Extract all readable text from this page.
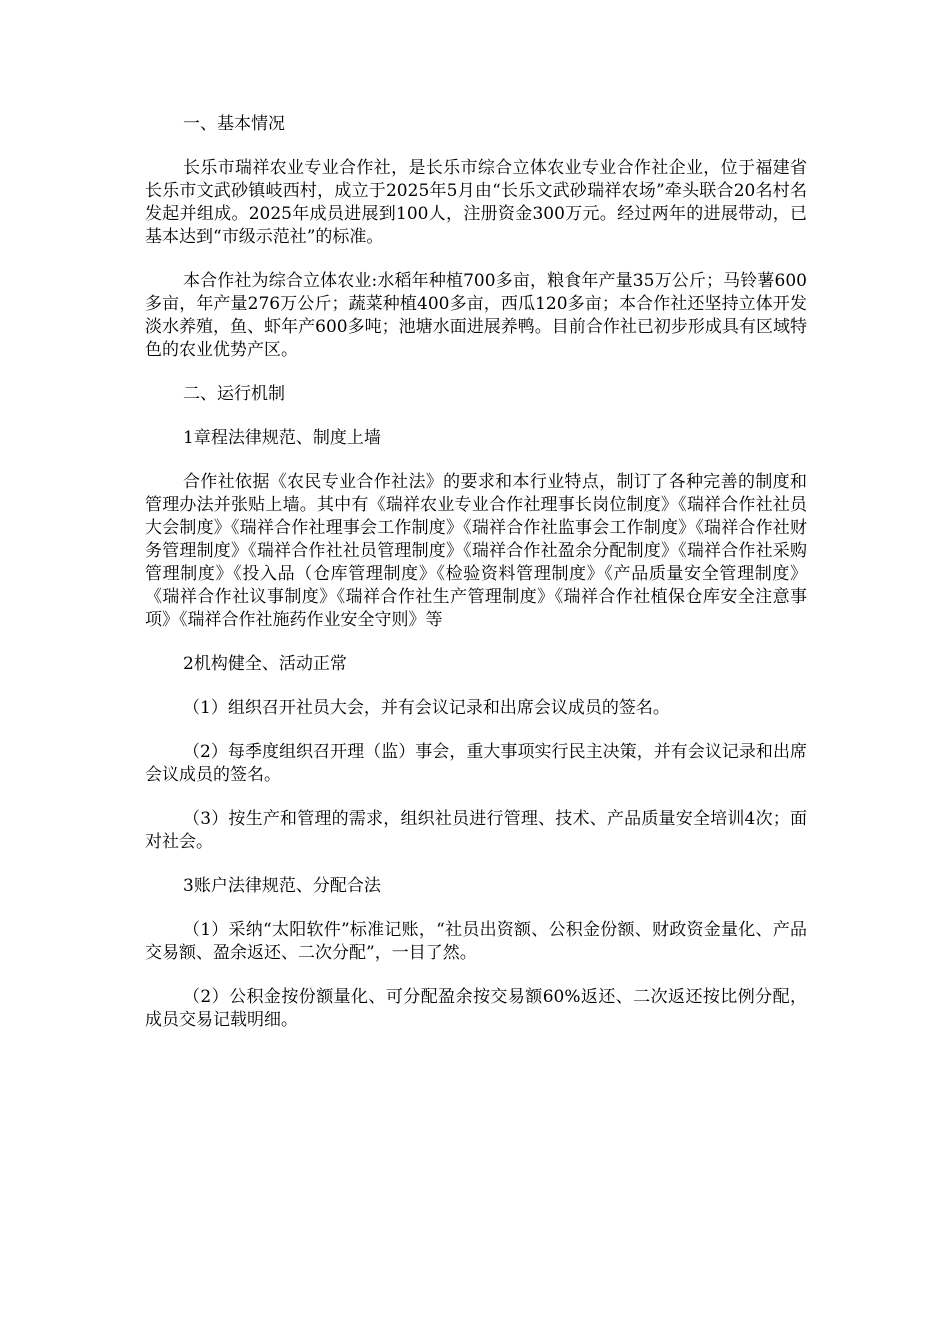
一、基本情况

长乐市瑞祥农业专业合作社，是长乐市综合立体农业专业合作社企业，位于福建省长乐市文武砂镇岐西村，成立于2025年5月由“长乐文武砂瑞祥农场”牵头联合20名村名发起并组成。2025年成员进展到100人，注册资金300万元。经过两年的进展带动，已基本达到“市级示范社”的标准。

本合作社为综合立体农业:水稻年种植700多亩，粮食年产量35万公斤；马铃薯600多亩，年产量276万公斤；蔬菜种植400多亩，西瓜120多亩；本合作社还坚持立体开发淡水养殖，鱼、虾年产600多吨；池塘水面进展养鸭。目前合作社已初步形成具有区域特色的农业优势产区。

二、运行机制

1章程法律规范、制度上墙

合作社依据《农民专业合作社法》的要求和本行业特点，制订了各种完善的制度和管理办法并张贴上墙。其中有《瑞祥农业专业合作社理事长岗位制度》《瑞祥合作社社员大会制度》《瑞祥合作社理事会工作制度》《瑞祥合作社监事会工作制度》《瑞祥合作社财务管理制度》《瑞祥合作社社员管理制度》《瑞祥合作社盈余分配制度》《瑞祥合作社采购管理制度》《投入品（仓库管理制度》《检验资料管理制度》《产品质量安全管理制度》《瑞祥合作社议事制度》《瑞祥合作社生产管理制度》《瑞祥合作社植保仓库安全注意事项》《瑞祥合作社施药作业安全守则》等

2机构健全、活动正常

（1）组织召开社员大会，并有会议记录和出席会议成员的签名。

（2）每季度组织召开理（监）事会，重大事项实行民主决策，并有会议记录和出席会议成员的签名。

（3）按生产和管理的需求，组织社员进行管理、技术、产品质量安全培训4次；面对社会。

3账户法律规范、分配合法

（1）采纳“太阳软件”标准记账，“社员出资额、公积金份额、财政资金量化、产品交易额、盈余返还、二次分配”，一目了然。

（2）公积金按份额量化、可分配盈余按交易额60%返还、二次返还按比例分配，成员交易记载明细。
